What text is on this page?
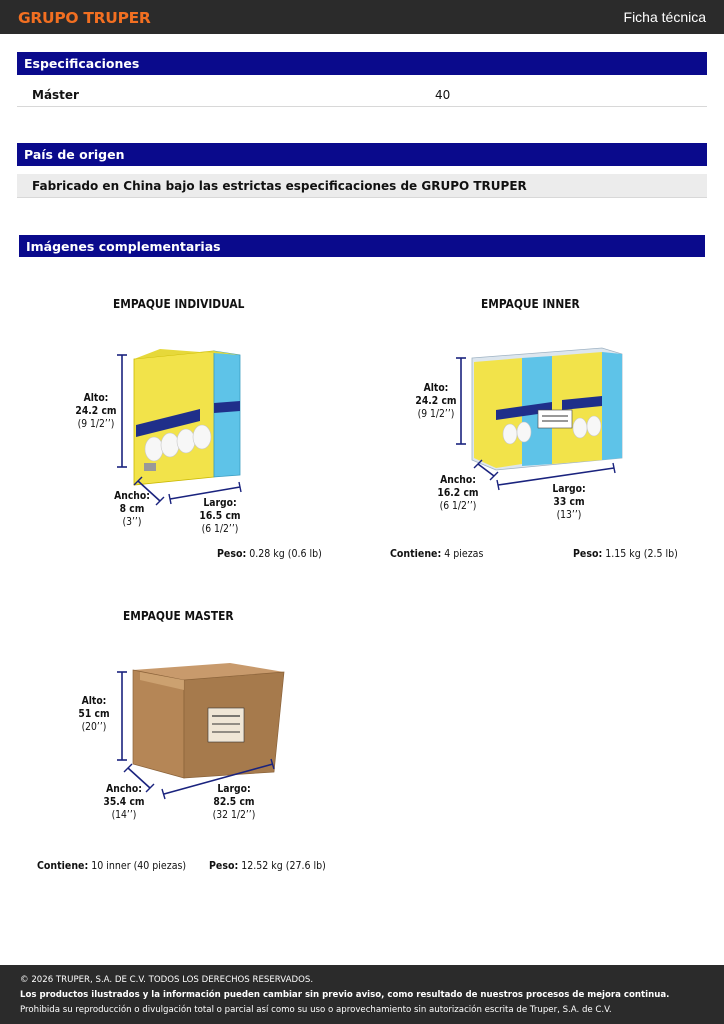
GRUPO TRUPER	Ficha técnica
Especificaciones
Máster	40
País de origen
Fabricado en China bajo las estrictas especificaciones de GRUPO TRUPER
Imágenes complementarias
EMPAQUE INDIVIDUAL
Alto:
24.2 cm
(9 1/2’’)
Ancho:
8 cm
(3’’)
Largo:
16.5 cm
(6 1/2’’)
Peso: 0.28 kg (0.6 lb)
EMPAQUE INNER
Alto:
24.2 cm
(9 1/2’’)
Ancho:
16.2 cm
(6 1/2’’)
Largo:
33 cm
(13’’)
Contiene: 4 piezas	Peso: 1.15 kg (2.5 lb)
EMPAQUE MASTER
Alto:
51 cm
(20’’)
Ancho:
35.4 cm
(14’’)
Largo:
82.5 cm
(32 1/2’’)
Contiene: 10 inner (40 piezas) Peso: 12.52 kg (27.6 lb)
© 2026 TRUPER, S.A. DE C.V. TODOS LOS DERECHOS RESERVADOS.
Los productos ilustrados y la información pueden cambiar sin previo aviso, como resultado de nuestros procesos de mejora continua.
Prohibida su reproducción o divulgación total o parcial así como su uso o aprovechamiento sin autorización escrita de Truper, S.A. de C.V.
